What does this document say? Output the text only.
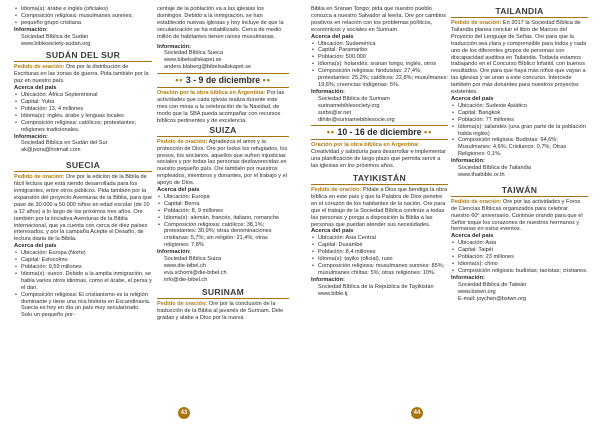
• Idioma(s): árabe e inglés (oficiales)
• Composición religiosa: musulmanes sunnies;
• pequeño grupo cristiana

Información:

Sociedad Bíblica de Sudán

www.biblesociety-sudan.org

SUDÁN DEL SUR

Pedido de oración: Ore por la distribución de Escrituras en las zonas de guerra. Pida también por la paz en nuestro país.

Acerca del país

• Ubicación: África Septentrional
• Capital: Yuba
• Población: 13, 4 millones
• Idioma(s): inglés, árabe y lenguas locales
• Composición religiosa: católicos; protestantes; religiones tradicionales.

Información:

Sociedad Bíblica en Sudán del Sur

ak@jvora@hotmail.com

SUECIA

Pedido de oración: Ore por la edición de la Biblia de fácil lectura que está siendo desarrollada para los inmigrantes, entre otros públicos. Pida también por la expansión del proyecto Aventuras de la Biblia, para que pase de 30.000 a 50.000 niños en edad escolar (de 10 a 12 años) a lo largo de los próximos tres años. Ore también por la iniciativa Aventuras de la Biblia internacional, que ya cuenta con cerca de diez países interesados, y por la campaña Acepte el Desafío, de lectura diaria de la Biblia.

Acerca del país

• Ubicación: Europa (Norte)
• Capital: Estocolmo
• Población: 9,59 millones
• Idioma(s): sueco. Debido a la amplia inmigración, se habla varios otros idiomas, como el árabe, el persa y el dari.
• Composición religiosa: El cristianismo es la religión dominante y tiene una rica historia en Escandinavia. Suecia es hoy en día un país muy secularizado. Solo un pequeño por-
43

centaje de la población va a las iglesias los domingos. Debido a la inmigración, se han establecido nuevas iglesias y hoy incluye de que la secularización se ha estabilizado. Cerca de medio millón de habitantes tienen raíces musulmanas.

Información:

Sociedad Bíblica Sueca

www.bibelsallskapet.se

anders.blaberg@bibelsallskapet.se

•• 3 - 9 de diciembre ••

Oración por la obra bíblica en Argentina: Por las actividades que cada iglesia realiza durante este mes con miras a la celebración de la Navidad, de modo que la SBA pueda acompañar con recursos bíblicos pertinentes y de excelencia.

SUIZA

Pedido de oración: Agradezca el amor y la protección de Dios. Ore por todos los refugiados, los presos, los ancianos, aquellos que sufren injusticias sociales y por todas las personas desfavorecidas en nuestro pequeño país. Ore también por nuestros empleados, miembros y donantes, por el trabajo y el apoyo de Dios.

Acerca del país

• Ubicación: Europa
• Capital: Berna
• Población: 8, 9 millones
• Idioma(s): alemán, francés, italiano, romanche
• Composición religiosa: católicos: 38,1%; protestantes: 30,9%; otras denominaciones cristianas: 5,7%; sin religión: 21,4%; otras religiones: 7,8%

Información:

Sociedad Bíblica Suiza

www.die-bibel.ch

eva.schomi@die-bibel.ch

info@die-bibel.ch

SURINAM

Pedido de oración: Ore por la conclusión de la traducción de la Biblia al javanés de Surinam. Dele gradas y alabe a Dios por la nueva

Biblia en Sranan Tongo; pida que nuestro pueblo conozca a nuestro Salvador al leerla. Ore por cambios positivos en relación con los problemas políticos, económicos y sociales en Surinam.

Acerca del país

• Ubicación: Sudamérica
• Capital: Paramaribo
• Población: 500.000
• Idioma(s): holandés, sranan tongo, inglés, otros
• Composición religiosa: hinduistas: 27,4%; protestantes: 25,2%; católicos: 22,8%; musulmanes: 19,6%; creencias indígenas: 5%.

Información:

Sociedad Bíblica de Surinam

surinamebiblesociety.org

surbs@sr.net

dihitn@surinamebiblesocie.org

•• 10 - 16 de diciembre ••

Oración por la obra bíblica en Argentina: Creatividad y sabiduría para desarrollar e implementar una planificación de largo plazo que permita servir a las iglesias en los próximos años.

TAYIKISTÁN

Pedido de oración: Pídale a Dios que bendiga la obra bíblica en este país y que la Palabra de Dios penetre en el corazón de los habitantes de la nación. Ore para que el trabajo de la Sociedad Bíblica continúe a todas las personas y ponga a disposición la Biblia a las personas que puedan atender sus necesidades.

Acerca del país

• Ubicación: Asia Central
• Capital: Dusambé
• Población: 8,4 millones
• Idioma(s): tayiko (oficial), ruso
• Composición religiosa: musulmanes sunnies: 85%; musulmanes chiítas: 5%; otras religiones: 10%.

Información:

Sociedad Bíblica de la República de Tayikistán

www.bible.tj

44
TAILANDIA

Pedido de oración: En 2017 la Sociedad Bíblica de Tailandia planea concluir el libro de Marcos del Proyecto del Lenguaje de Señas. Ore para que la traducción sea clara y comprensible para todos y cada uno de los diferentes grupos de personas con discapacidad auditiva en Tailandia. Todavía estamos trabajando en el Concurso Bíblico Infantil, con buenos resultados. Ore para que haya más niños que vayan a las iglesias y se unan a este concurso. Intercede también por más donantes para nuestros proyectos existentes.

Acerca del país

• Ubicación: Sudeste Asiático
• Capital: Bangkok
• Población: 77 millones
• Idioma(s): tailandés (una gran parte de la población habla inglés)
• Composición religiosa: Budistas: 94,6%; Musulmanes: 4,6%; Cristianos: 0,7%; Otras Religiones: 0,1%.

Información:

Sociedad Bíblica de Tailandia

www.thaibible.or.th

TAIWÁN

Pedido de oración: Ore por las actividades y Foros de Ciencias Bíblicas organizados para celebrar nuestro 60° aniversario. Continúe orando para que el Señor toque los corazones de nuestros hermanos y hermanas en estos eventos.

Acerca del país

• Ubicación: Asia
• Capital: Taipéi
• Población: 23 millones
• Idioma(s): chino
• Composición religiosa: budistas; taoístas; cristianos.

Información:

Sociedad Bíblica de Taiwán

www.bstwn.org

E-mail: joychen@bstwn.org
